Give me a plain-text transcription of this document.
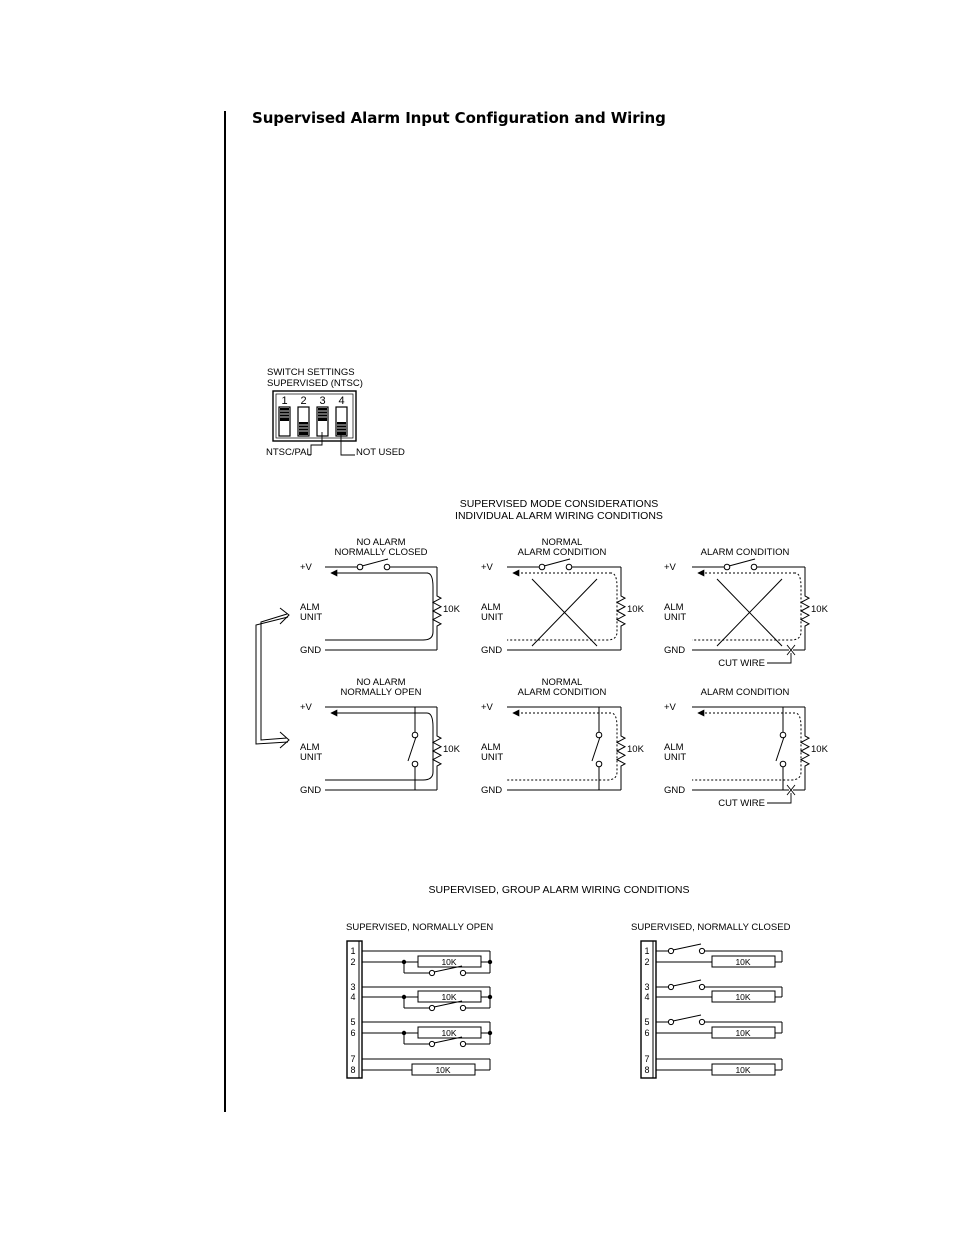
Supervised Alarm Input Configuration and Wiring
SWITCH SETTINGS
SUPERVISED (NTSC)
1 2 3 4
NTSC/PAL	NOT USED
SUPERVISED MODE CONSIDERATIONS
INDIVIDUAL ALARM WIRING CONDITIONS
NO ALARM
NORMALLY CLOSED
+V
ALM
UNIT
GND
10K
NORMAL
ALARM CONDITION
+V
ALM
UNIT
GND
10K
ALARM CONDITION
+V
ALM
UNIT
GND
10K
CUT WIRE
NO ALARM
NORMALLY OPEN
+V
ALM
UNIT
GND
10K
NORMAL
ALARM CONDITION
+V
ALM
UNIT
GND
10K
ALARM CONDITION
+V
ALM
UNIT
GND
10K
CUT WIRE
SUPERVISED, GROUP ALARM WIRING CONDITIONS
SUPERVISED, NORMALLY OPEN	SUPERVISED, NORMALLY CLOSED
1
2
3
4
5
6
7
8
10K
10K
10K
10K
1
2
3
4
5
6
7
8
10K
10K
10K
10K
